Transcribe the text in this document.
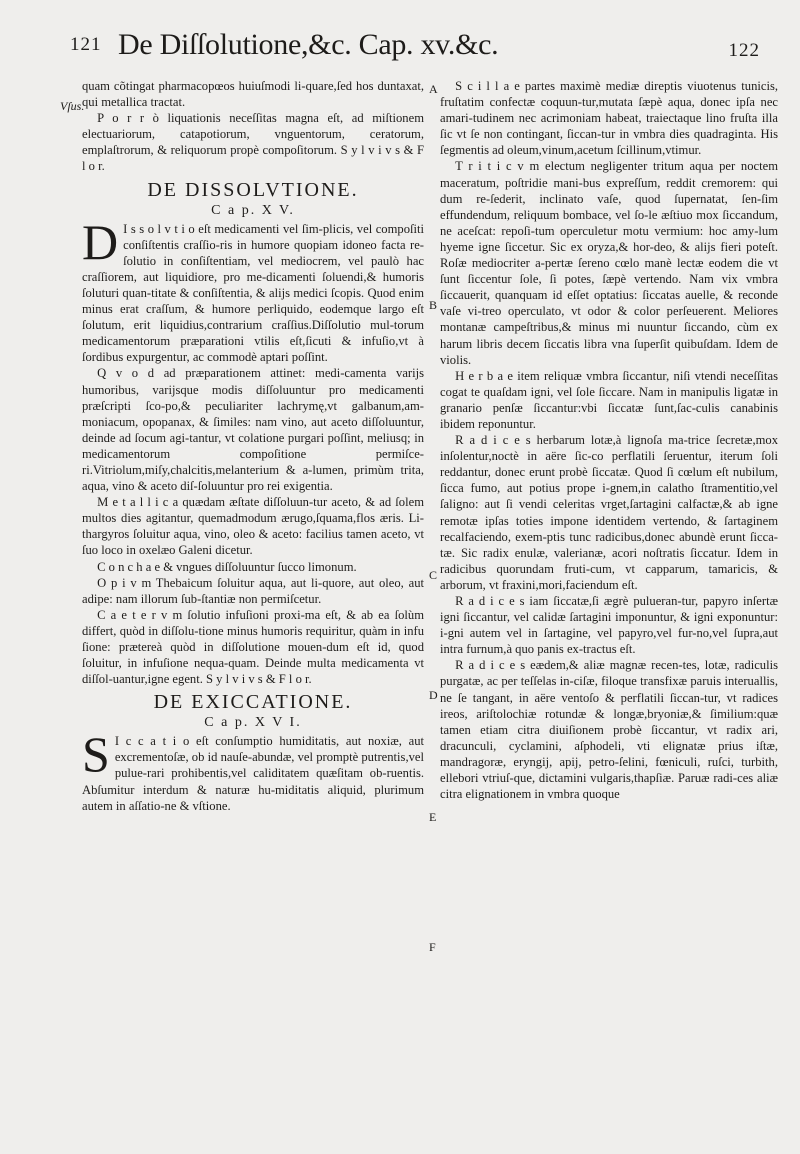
121 De Diſſolutione,&c. Cap. xv.&c.	122
Vſus.
A
B
C
D
E
F

quam cõtingat pharmacopœos huiuſmodi li-quare,ſed hos duntaxat, qui metallica tractat.

P o r r ò liquationis neceſſitas magna eſt, ad miſtionem electuariorum, catapotiorum, vnguentorum, ceratorum, emplaſtrorum, & reliquorum propè compoſitorum. S y l v i v s & F l o r.

DE DISSOLVTIONE.
C a p. X V.

D I s s o l v t i o eſt medicamenti vel ſim-plicis, vel compoſiti conſiſtentis craſſio-ris in humore quopiam idoneo facta re-ſolutio in conſiſtentiam, vel mediocrem, vel paulò hac craſſiorem, aut liquidiore, pro me-dicamenti ſoluendi,& humoris ſoluturi quan-titate & conſiſtentia, & alijs medici ſcopis. Quod enim minus erat craſſum, & humore perliquido, eodemque largo eſt ſolutum, erit liquidius,contrarium craſſius.Diſſolutio mul-torum medicamentorum præparationi vtilis eſt,ſicuti & infuſio,vt à ſordibus expurgentur, ac commodè aptari poſſint.

Q v o d ad præparationem attinet: medi-camenta varijs humoribus, varijsque modis diſſoluuntur pro medicamenti præſcripti ſco-po,& peculiariter lachrymę,vt galbanum,am-moniacum, opopanax, & ſimiles: nam vino, aut aceto diſſoluuntur, deinde ad ſocum agi-tantur, vt colatione purgari poſſint, meliusq; in medicamentorum compoſitione permiſce-ri.Vitriolum,miſy,chalcitis,melanterium & a-lumen, primùm trita, aqua, vino & aceto diſ-ſoluuntur pro rei exigentia.

M e t a l l i c a quædam æſtate diſſoluun-tur aceto, & ad ſolem multos dies agitantur, quemadmodum ærugo,ſquama,flos æris. Li-thargyros ſoluitur aqua, vino, oleo & aceto: facilius tamen aceto, vt ſuo loco in oxelæo Galeni dicetur.

C o n c h a e & vngues diſſoluuntur ſucco limonum.

O p i v m Thebaicum ſoluitur aqua, aut li-quore, aut oleo, aut adipe: nam illorum ſub-ſtantiæ non permiſcetur.

C a e t e r v m ſolutio infuſioni proxi-ma eſt, & ab ea ſolùm differt, quòd in diſſolu-tione minus humoris requiritur, quàm in infu ſione: prætereà quòd in diſſolutione mouen-dum eſt id, quod ſoluitur, in infuſione nequa-quam. Deinde multa medicamenta vt diſſol-uantur,igne egent. S y l v i v s & F l o r.

DE EXICCATIONE.
C a p. X V I.

S I c c a t i o eſt conſumptio humiditatis, aut noxiæ, aut excrementoſæ, ob id nauſe-abundæ, vel promptè putrentis,vel pulue-rari prohibentis,vel caliditatem quæſitam ob-ruentis. Abſumitur interdum & naturæ hu-miditatis aliquid, plurimum autem in aſſatio-ne & vſtione.

S c i l l a e partes maximè mediæ direptis viuotenus tunicis, fruſtatim confectæ coquun-tur,mutata ſæpè aqua, donec ipſa nec amari-tudinem nec acrimoniam habeat, traiectaque lino fruſta illa ſic vt ſe non contingant, ſiccan-tur in vmbra dies quadraginta. His ſegmentis ad oleum,vinum,acetum ſcillinum,vtimur.

T r i t i c v m electum negligenter tritum aqua per noctem maceratum, poſtridie mani-bus expreſſum, reddit cremorem: qui dum re-ſederit, inclinato vaſe, quod ſupernatat, ſen-ſim effundendum, reliquum bombace, vel ſo-le æſtiuo mox ſiccandum, ne aceſcat: repoſi-tum operculetur motu vermium: hoc amy-lum hyeme igne ſiccetur. Sic ex oryza,& hor-deo, & alijs fieri poteſt. Roſæ mediocriter a-pertæ ſereno cœlo manè lectæ eodem die vt ſunt ſiccentur ſole, ſi potes, ſæpè vertendo. Nam vix vmbra ſiccauerit, quanquam id eſſet optatius: ſiccatas auelle, & reconde vaſe vi-treo operculato, vt odor & color perſeuerent. Meliores montanæ campeſtribus,& minus mi nuuntur ſiccando, cùm ex harum libris decem ſiccatis libra vna ſuperſit quibuſdam. Idem de violis.

H e r b a e item reliquæ vmbra ſiccantur, niſi vtendi neceſſitas cogat te quaſdam igni, vel ſole ſiccare. Nam in manipulis ligatæ in granario penſæ ſiccantur:vbi ſiccatæ ſunt,ſac-culis canabinis ibidem reponuntur.

R a d i c e s herbarum lotæ,à lignoſa ma-trice ſecretæ,mox inſolentur,noctè in aëre ſic-co perflatili ſeruentur, iterum ſoli reddantur, donec erunt probè ſiccatæ. Quod ſi cœlum eſt nubilum, ſicca fumo, aut potius prope i-gnem,in calatho ſtramentitio,vel ſaligno: aut ſi vendi celeritas vrget,ſartagini calfactæ,& ab igne remotæ ipſas toties impone identidem vertendo, & ſartaginem recalfaciendo, exem-ptis tunc radicibus,donec abundè erunt ſicca-tæ. Sic radix enulæ, valerianæ, acori noſtratis ſiccatur. Idem in radicibus quorundam fruti-cum, vt capparum, tamaricis, & arborum, vt fraxini,mori,faciendum eſt.

R a d i c e s iam ſiccatæ,ſi ægrè pulueran-tur, papyro inſertæ igni ſiccantur, vel calidæ ſartagini imponuntur, & igni exponuntur: i-gni autem vel in ſartagine, vel papyro,vel fur-no,vel ſupra,aut intra furnum,à quo panis ex-tractus eſt.

R a d i c e s eædem,& aliæ magnæ recen-tes, lotæ, radiculis purgatæ, ac per teſſelas in-ciſæ, filoque transfixæ paruis interuallis, ne ſe tangant, in aëre ventoſo & perflatili ſiccan-tur, vt radices ireos, ariſtolochiæ rotundæ & longæ,bryoniæ,& ſimilium:quæ tamen etiam citra diuiſionem probè ſiccantur, vt radix ari, dracunculi, cyclamini, aſphodeli, vti elignatæ prius iſtæ, mandragoræ, eryngij, apij, petro-ſelini, fœniculi, ruſci, turbith, ellebori vtriuſ-que, dictamini vulgaris,thapſiæ. Paruæ radi-ces aliæ citra elignationem in vmbra quoque
